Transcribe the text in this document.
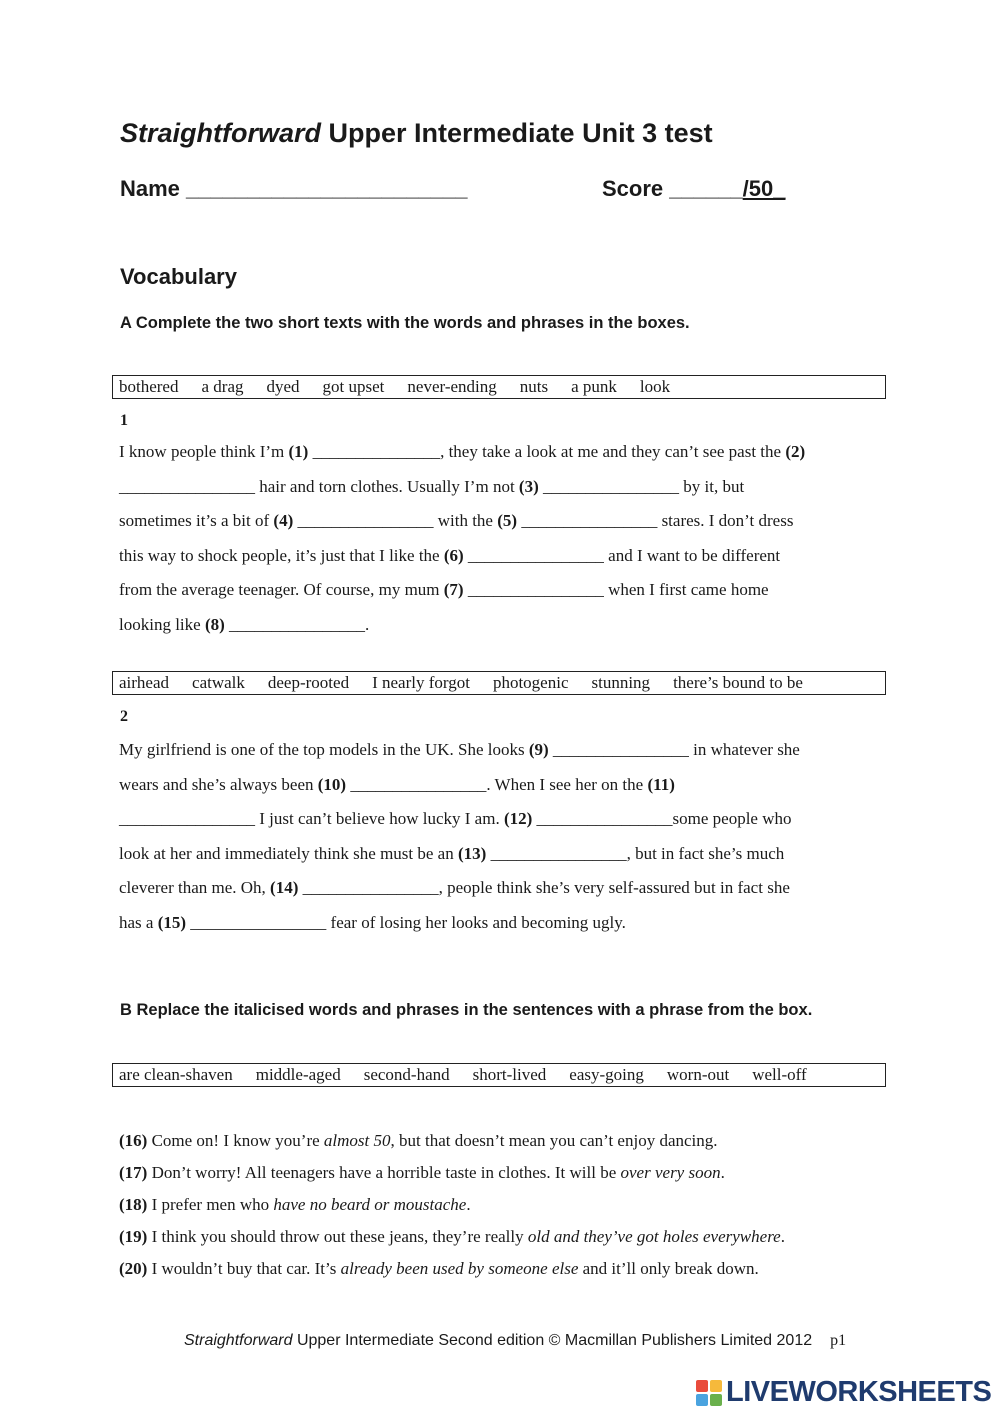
Straightforward Upper Intermediate Unit 3 test
Name _______________________	Score ______/50_
Vocabulary
A Complete the two short texts with the words and phrases in the boxes.
bothered a drag dyed got upset never-ending nuts a punk look
1
I know people think I’m (1) _______________, they take a look at me and they can’t see past the (2)
________________ hair and torn clothes. Usually I’m not (3) ________________ by it, but
sometimes it’s a bit of (4) ________________ with the (5) ________________ stares. I don’t dress
this way to shock people, it’s just that I like the (6) ________________ and I want to be different
from the average teenager. Of course, my mum (7) ________________ when I first came home
looking like (8) ________________.
airhead catwalk deep-rooted I nearly forgot photogenic stunning there’s bound to be
2
My girlfriend is one of the top models in the UK. She looks (9) ________________ in whatever she
wears and she’s always been (10) ________________. When I see her on the (11)
________________ I just can’t believe how lucky I am. (12) ________________some people who
look at her and immediately think she must be an (13) ________________, but in fact she’s much
cleverer than me. Oh, (14) ________________, people think she’s very self-assured but in fact she
has a (15) ________________ fear of losing her looks and becoming ugly.
B Replace the italicised words and phrases in the sentences with a phrase from the box.
are clean-shaven middle-aged second-hand short-lived easy-going worn-out well-off
(16) Come on! I know you’re almost 50, but that doesn’t mean you can’t enjoy dancing.
(17) Don’t worry! All teenagers have a horrible taste in clothes. It will be over very soon.
(18) I prefer men who have no beard or moustache.
(19) I think you should throw out these jeans, they’re really old and they’ve got holes everywhere.
(20) I wouldn’t buy that car. It’s already been used by someone else and it’ll only break down.
Straightforward Upper Intermediate Second edition © Macmillan Publishers Limited 2012 p1
LIVEWORKSHEETS
